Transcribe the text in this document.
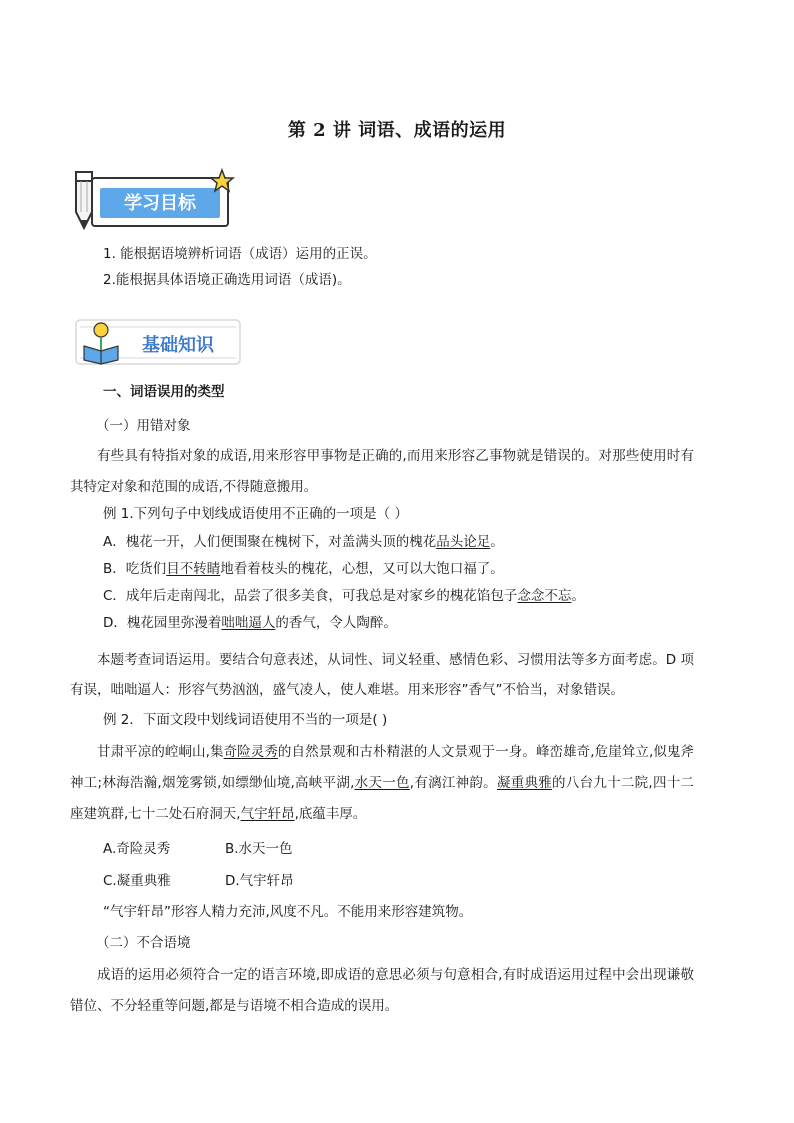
第 2 讲 词语、成语的运用
学习目标
1. 能根据语境辨析词语（成语）运用的正误。
2.能根据具体语境正确选用词语（成语)。
基础知识
一、词语误用的类型
（一）用错对象
有些具有特指对象的成语,用来形容甲事物是正确的,而用来形容乙事物就是错误的。对那些使用时有其特定对象和范围的成语,不得随意搬用。
例 1.下列句子中划线成语使用不正确的一项是（ ）
A．槐花一开，人们便围聚在槐树下，对盖满头顶的槐花品头论足。
B．吃货们目不转睛地看着枝头的槐花，心想，又可以大饱口福了。
C．成年后走南闯北，品尝了很多美食，可我总是对家乡的槐花馅包子念念不忘。
D．槐花园里弥漫着咄咄逼人的香气，令人陶醉。
本题考查词语运用。要结合句意表述，从词性、词义轻重、感情色彩、习惯用法等多方面考虑。D 项有误，咄咄逼人：形容气势汹汹，盛气凌人，使人难堪。用来形容”香气”不恰当，对象错误。
例 2．下面文段中划线词语使用不当的一项是( )
甘肃平凉的崆峒山,集奇险灵秀的自然景观和古朴精湛的人文景观于一身。峰峦雄奇,危崖耸立,似鬼斧神工;林海浩瀚,烟笼雾锁,如缥缈仙境,高峡平湖,水天一色,有漓江神韵。凝重典雅的八台九十二院,四十二座建筑群,七十二处石府洞天,气宇轩昂,底蕴丰厚。
A.奇险灵秀	B.水天一色
C.凝重典雅	D.气宇轩昂
“气宇轩昂”形容人精力充沛,风度不凡。不能用来形容建筑物。
（二）不合语境
成语的运用必须符合一定的语言环境,即成语的意思必须与句意相合,有时成语运用过程中会出现谦敬错位、不分轻重等问题,都是与语境不相合造成的误用。
